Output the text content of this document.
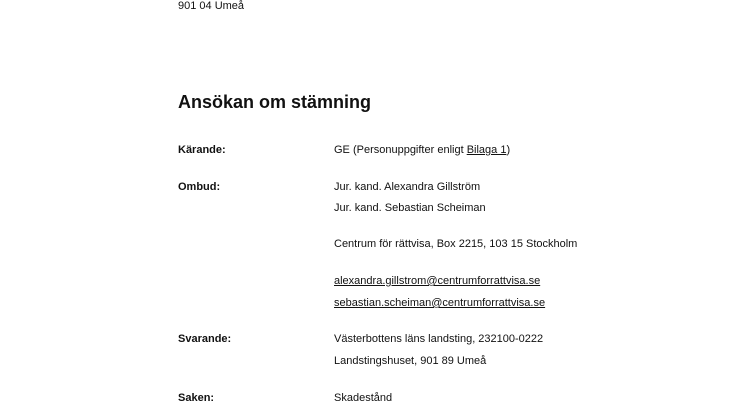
901 04 Umeå

Ansökan om stämning

Kärande:	GE (Personuppgifter enligt Bilaga 1)

Ombud:	Jur. kand. Alexandra Gillström

Jur. kand. Sebastian Scheiman

Centrum för rättvisa, Box 2215, 103 15 Stockholm

alexandra.gillstrom@centrumforrattvisa.se

sebastian.scheiman@centrumforrattvisa.se

Svarande:	Västerbottens läns landsting, 232100-0222

Landstingshuset, 901 89 Umeå

Saken:	Skadestånd
